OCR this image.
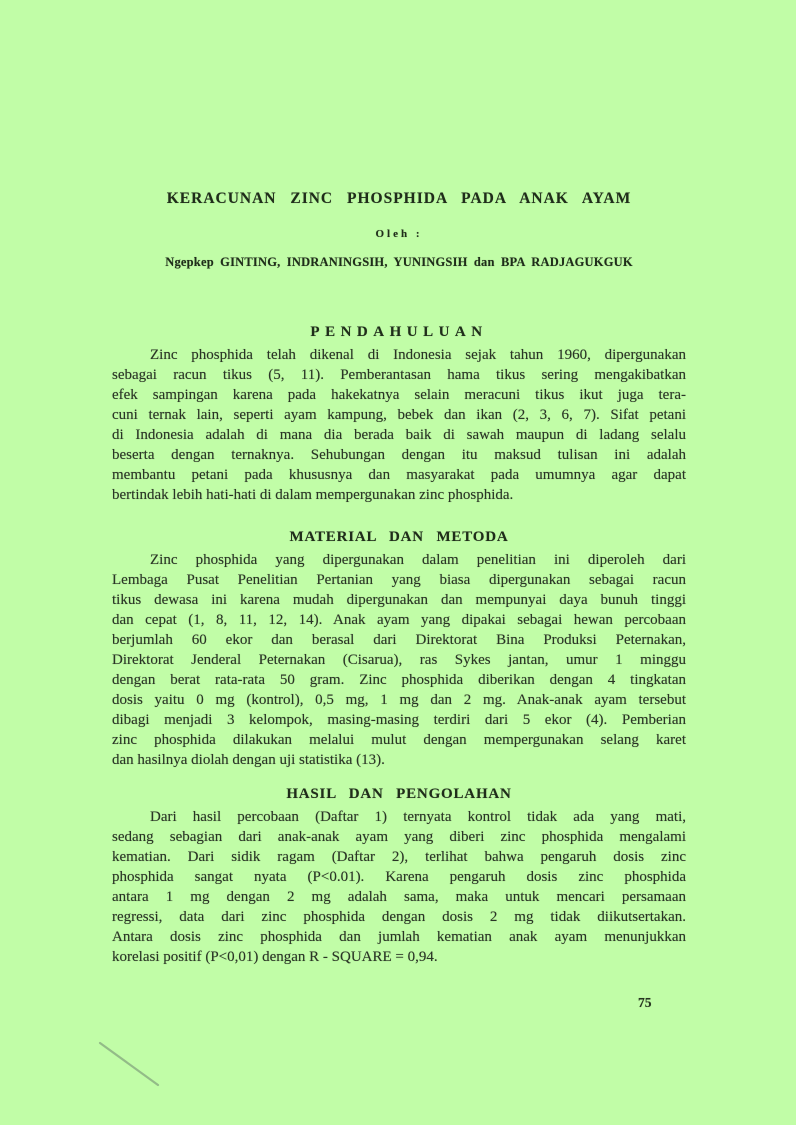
KERACUNAN ZINC PHOSPHIDA PADA ANAK AYAM
Oleh :
Ngepkep GINTING, INDRANINGSIH, YUNINGSIH dan BPA RADJAGUKGUK
PENDAHULUAN
Zinc phosphida telah dikenal di Indonesia sejak tahun 1960, dipergunakan
sebagai racun tikus (5, 11). Pemberantasan hama tikus sering mengakibatkan
efek sampingan karena pada hakekatnya selain meracuni tikus ikut juga tera-
cuni ternak lain, seperti ayam kampung, bebek dan ikan (2, 3, 6, 7). Sifat petani
di Indonesia adalah di mana dia berada baik di sawah maupun di ladang selalu
beserta dengan ternaknya. Sehubungan dengan itu maksud tulisan ini adalah
membantu petani pada khususnya dan masyarakat pada umumnya agar dapat
bertindak lebih hati-hati di dalam mempergunakan zinc phosphida.
MATERIAL DAN METODA
Zinc phosphida yang dipergunakan dalam penelitian ini diperoleh dari
Lembaga Pusat Penelitian Pertanian yang biasa dipergunakan sebagai racun
tikus dewasa ini karena mudah dipergunakan dan mempunyai daya bunuh tinggi
dan cepat (1, 8, 11, 12, 14). Anak ayam yang dipakai sebagai hewan percobaan
berjumlah 60 ekor dan berasal dari Direktorat Bina Produksi Peternakan,
Direktorat Jenderal Peternakan (Cisarua), ras Sykes jantan, umur 1 minggu
dengan berat rata-rata 50 gram. Zinc phosphida diberikan dengan 4 tingkatan
dosis yaitu 0 mg (kontrol), 0,5 mg, 1 mg dan 2 mg. Anak-anak ayam tersebut
dibagi menjadi 3 kelompok, masing-masing terdiri dari 5 ekor (4). Pemberian
zinc phosphida dilakukan melalui mulut dengan mempergunakan selang karet
dan hasilnya diolah dengan uji statistika (13).
HASIL DAN PENGOLAHAN
Dari hasil percobaan (Daftar 1) ternyata kontrol tidak ada yang mati,
sedang sebagian dari anak-anak ayam yang diberi zinc phosphida mengalami
kematian. Dari sidik ragam (Daftar 2), terlihat bahwa pengaruh dosis zinc
phosphida sangat nyata (P<0.01). Karena pengaruh dosis zinc phosphida
antara 1 mg dengan 2 mg adalah sama, maka untuk mencari persamaan
regressi, data dari zinc phosphida dengan dosis 2 mg tidak diikutsertakan.
Antara dosis zinc phosphida dan jumlah kematian anak ayam menunjukkan
korelasi positif (P<0,01) dengan R - SQUARE = 0,94.
75
